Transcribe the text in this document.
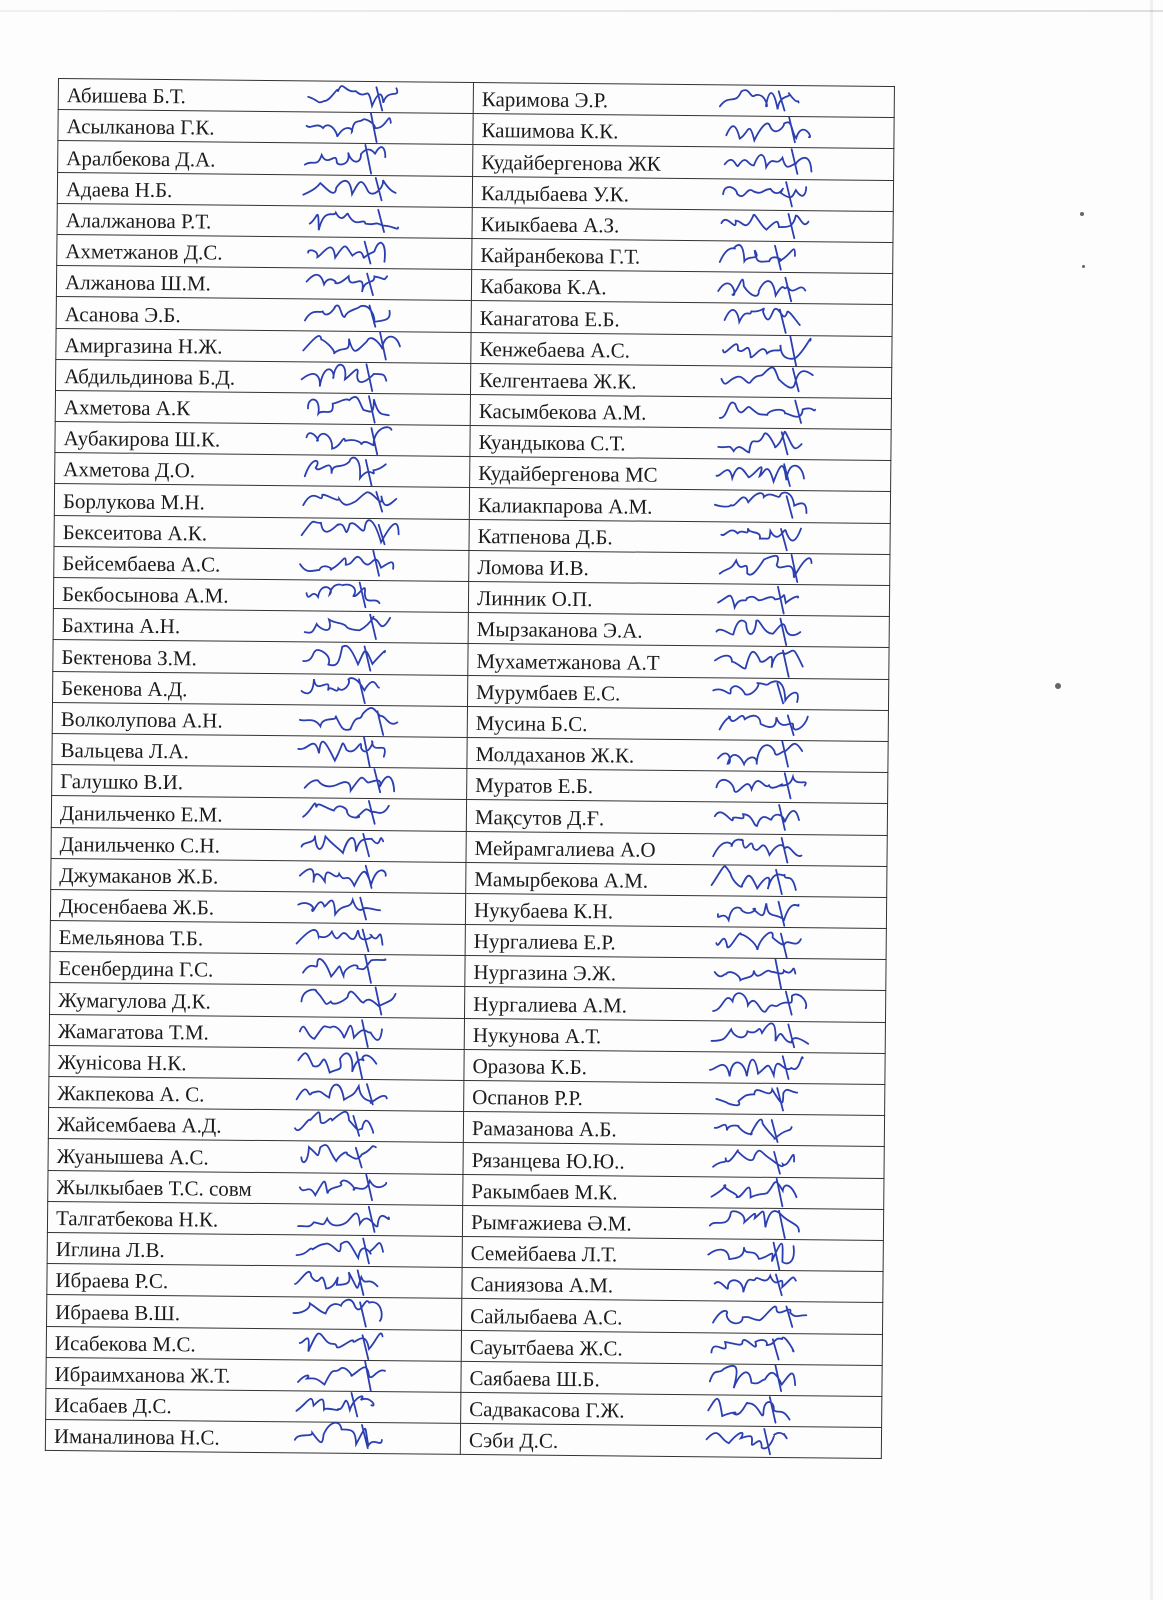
Абишева Б.Т.	Каримова Э.Р.

Асылканова Г.К.	Кашимова К.К.

Аралбекова Д.А.	Кудайбергенова ЖК

Адаева Н.Б.	Калдыбаева У.К.

Алалжанова Р.Т.	Киыкбаева А.З.

Ахметжанов Д.С.	Кайранбекова Г.Т.

Алжанова Ш.М.	Кабакова К.А.

Асанова Э.Б.	Канагатова Е.Б.

Амиргазина Н.Ж.	Кенжебаева А.С.

Абдильдинова Б.Д.	Келгентаева Ж.К.

Ахметова А.К	Касымбекова А.М.

Аубакирова Ш.К.	Куандыкова С.Т.

Ахметова Д.О.	Кудайбергенова МС

Борлукова М.Н.	Калиакпарова А.М.

Бексеитова А.К.	Катпенова Д.Б.

Бейсембаева А.С.	Ломова И.В.

Бекбосынова А.М.	Линник О.П.

Бахтина А.Н.	Мырзаканова Э.А.

Бектенова З.М.	Мухаметжанова А.Т

Бекенова А.Д.	Мурумбаев Е.С.

Волколупова А.Н.	Мусина Б.С.

Вальцева Л.А.	Молдаханов Ж.К.

Галушко В.И.	Муратов Е.Б.

Данильченко Е.М.	Мақсутов Д.Ғ.

Данильченко С.Н.	Мейрамгалиева А.О

Джумаканов Ж.Б.	Мамырбекова А.М.

Дюсенбаева Ж.Б.	Нукубаева К.Н.

Емельянова Т.Б.	Нургалиева Е.Р.

Есенбердина Г.С.	Нургазина Э.Ж.

Жумагулова Д.К.	Нургалиева А.М.

Жамагатова Т.М.	Нукунова А.Т.

Жунісова Н.К.	Оразова К.Б.

Жакпекова А. С.	Оспанов Р.Р.

Жайсембаева А.Д.	Рамазанова А.Б.

Жуанышева А.С.	Рязанцева Ю.Ю..

Жылкыбаев Т.С. совм	Ракымбаев М.К.

Талгатбекова Н.К.	Рымғажиева Ә.М.

Иглина Л.В.	Семейбаева Л.Т.

Ибраева Р.С.	Саниязова А.М.

Ибраева В.Ш.	Сайлыбаева А.С.

Исабекова М.С.	Сауытбаева Ж.С.

Ибраимханова Ж.Т.	Саябаева Ш.Б.

Исабаев Д.С.	Садвакасова Г.Ж.

Иманалинова Н.С.	Сэби Д.С.
